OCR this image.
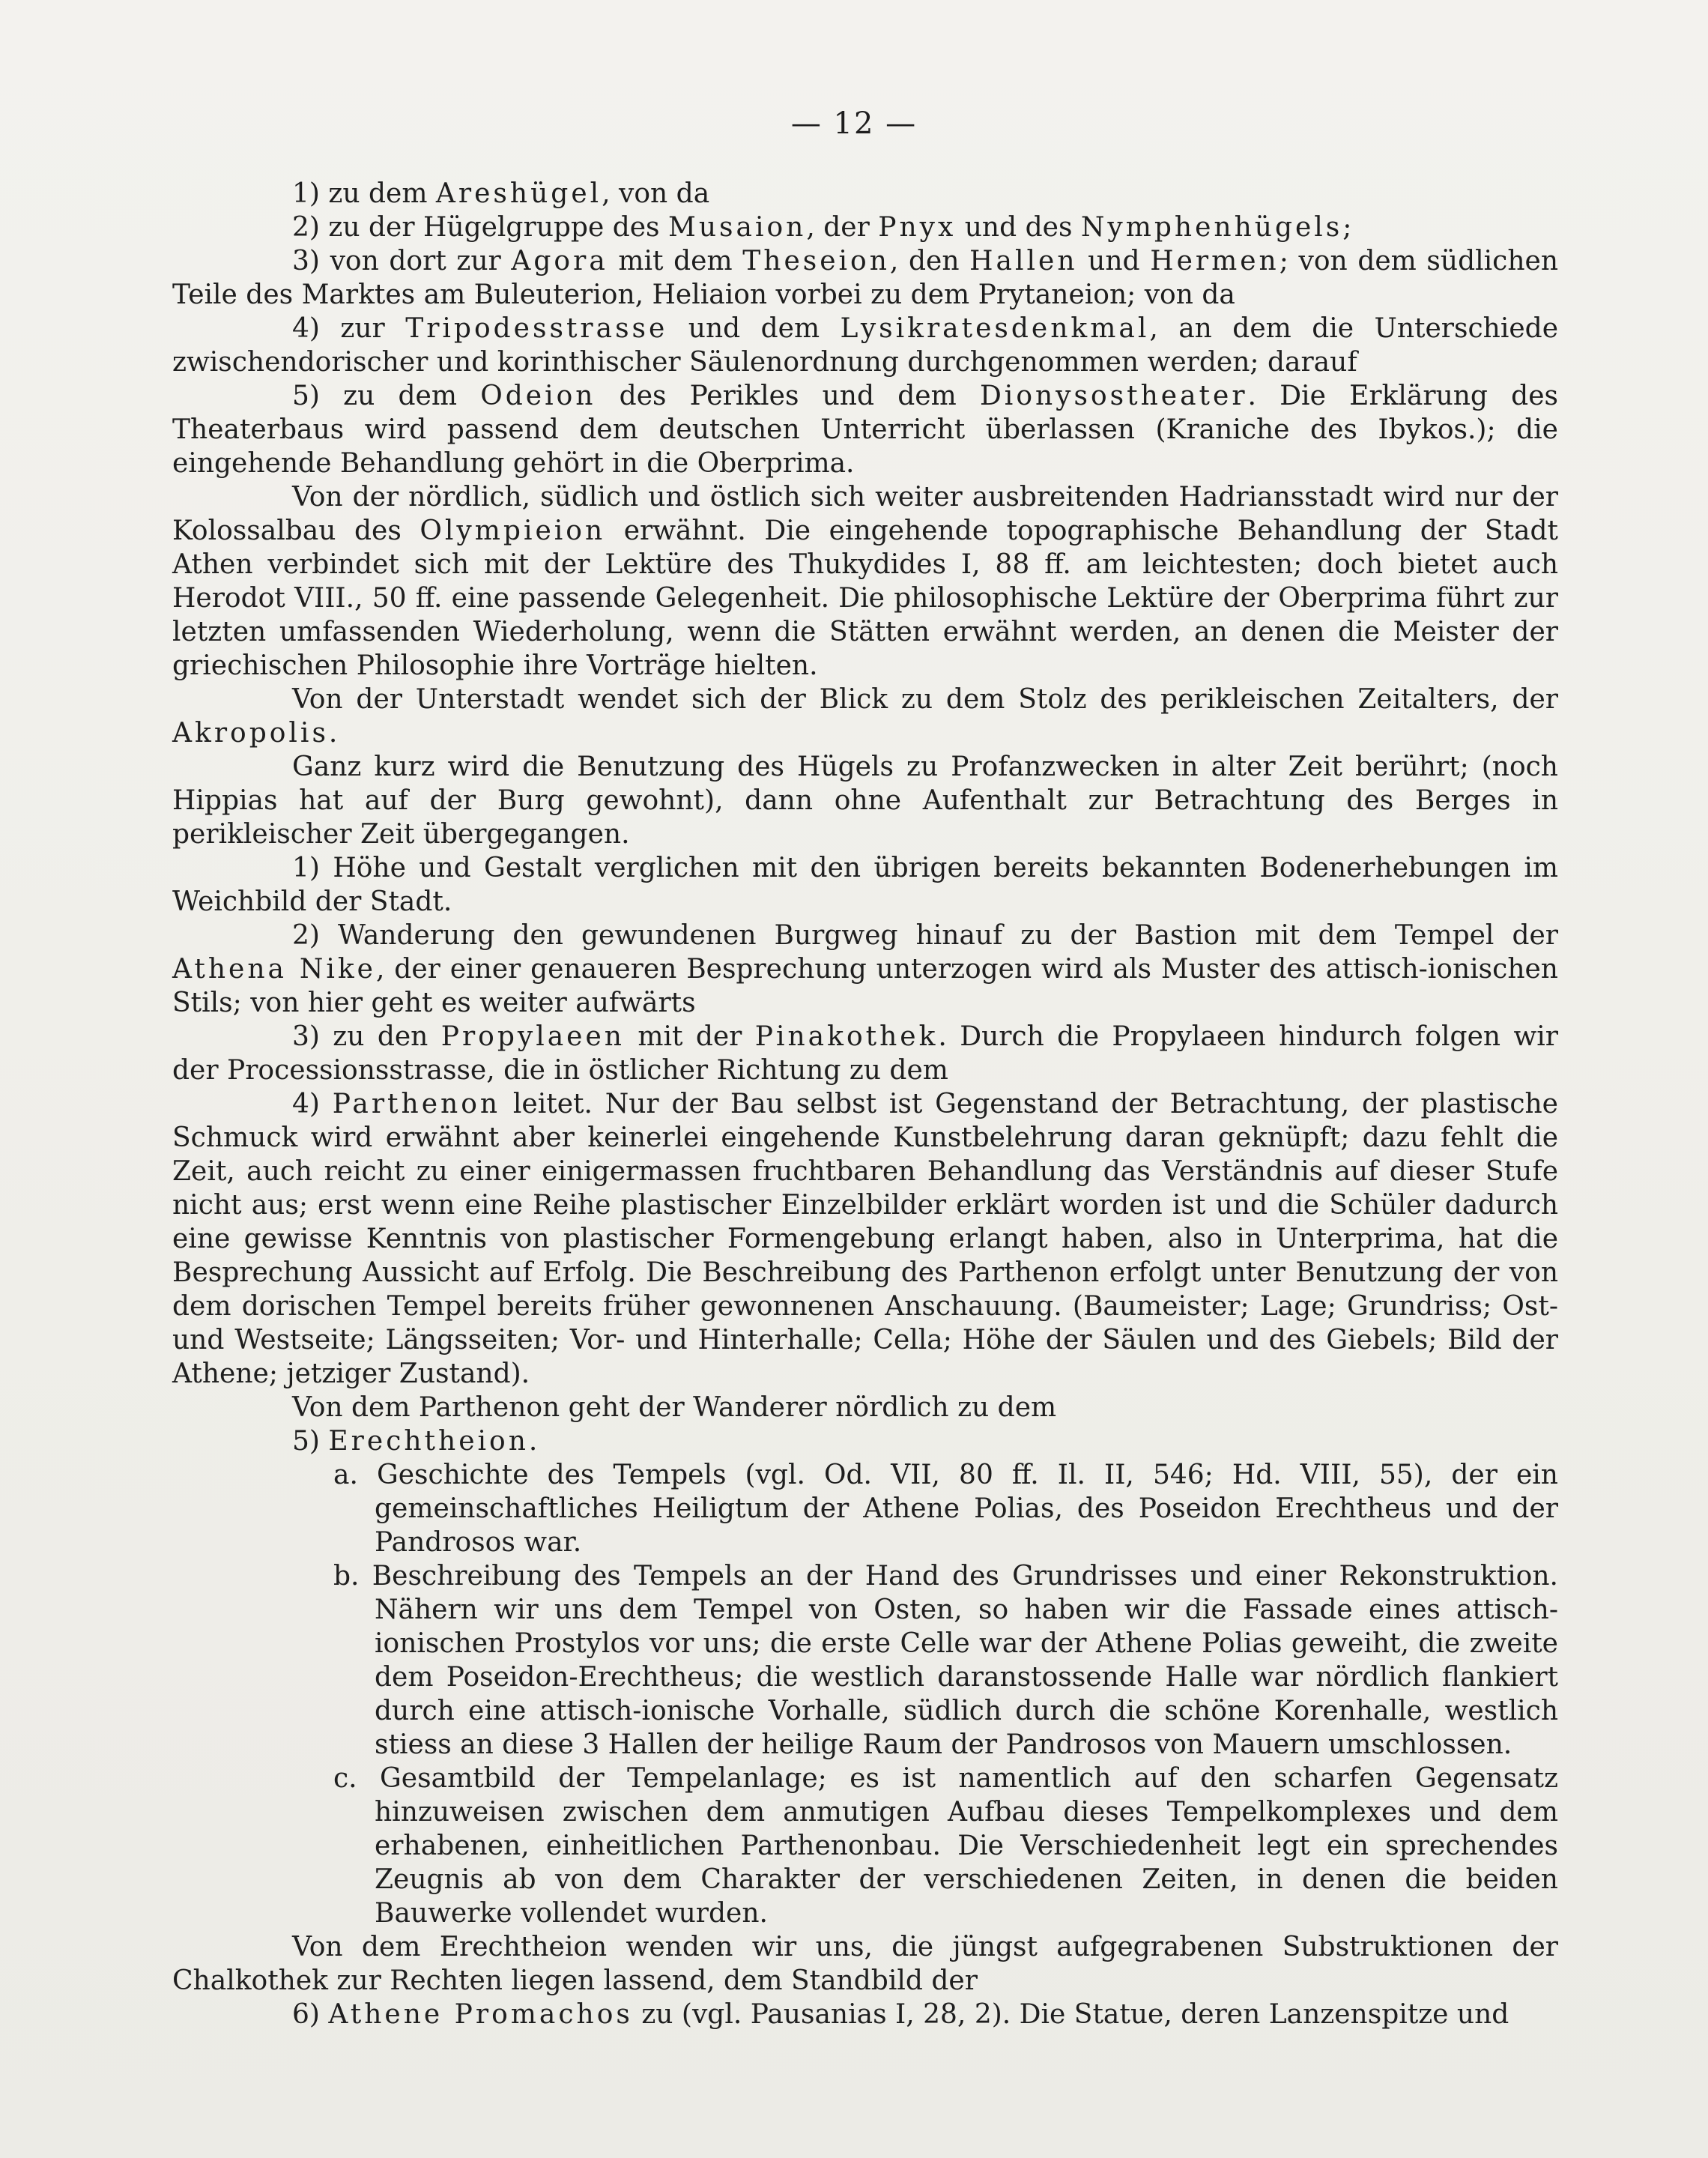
— 12 —

1) zu dem Areshügel, von da

2) zu der Hügelgruppe des Musaion, der Pnyx und des Nymphenhügels;

3) von dort zur Agora mit dem Theseion, den Hallen und Hermen; von dem südlichen Teile des Marktes am Buleuterion, Heliaion vorbei zu dem Prytaneion; von da

4) zur Tripodesstrasse und dem Lysikratesdenkmal, an dem die Unterschiede zwischendorischer und korinthischer Säulenordnung durchgenommen werden; darauf

5) zu dem Odeion des Perikles und dem Dionysostheater. Die Erklärung des Theaterbaus wird passend dem deutschen Unterricht überlassen (Kraniche des Ibykos.); die eingehende Behandlung gehört in die Oberprima.

Von der nördlich, südlich und östlich sich weiter ausbreitenden Hadriansstadt wird nur der Kolossalbau des Olympieion erwähnt. Die eingehende topographische Behandlung der Stadt Athen verbindet sich mit der Lektüre des Thukydides I, 88 ff. am leichtesten; doch bietet auch Herodot VIII., 50 ff. eine passende Gelegenheit. Die philosophische Lektüre der Oberprima führt zur letzten umfassenden Wiederholung, wenn die Stätten erwähnt werden, an denen die Meister der griechischen Philosophie ihre Vorträge hielten.

Von der Unterstadt wendet sich der Blick zu dem Stolz des perikleischen Zeitalters, der Akropolis.

Ganz kurz wird die Benutzung des Hügels zu Profanzwecken in alter Zeit berührt; (noch Hippias hat auf der Burg gewohnt), dann ohne Aufenthalt zur Betrachtung des Berges in perikleischer Zeit übergegangen.

1) Höhe und Gestalt verglichen mit den übrigen bereits bekannten Bodenerhebungen im Weichbild der Stadt.

2) Wanderung den gewundenen Burgweg hinauf zu der Bastion mit dem Tempel der Athena Nike, der einer genaueren Besprechung unterzogen wird als Muster des attisch-ionischen Stils; von hier geht es weiter aufwärts

3) zu den Propylaeen mit der Pinakothek. Durch die Propylaeen hindurch folgen wir der Processionsstrasse, die in östlicher Richtung zu dem

4) Parthenon leitet. Nur der Bau selbst ist Gegenstand der Betrachtung, der plastische Schmuck wird erwähnt aber keinerlei eingehende Kunstbelehrung daran geknüpft; dazu fehlt die Zeit, auch reicht zu einer einigermassen fruchtbaren Behandlung das Verständnis auf dieser Stufe nicht aus; erst wenn eine Reihe plastischer Einzelbilder erklärt worden ist und die Schüler dadurch eine gewisse Kenntnis von plastischer Formengebung erlangt haben, also in Unterprima, hat die Besprechung Aussicht auf Erfolg. Die Beschreibung des Parthenon erfolgt unter Benutzung der von dem dorischen Tempel bereits früher gewonnenen Anschauung. (Baumeister; Lage; Grundriss; Ost- und Westseite; Längsseiten; Vor- und Hinterhalle; Cella; Höhe der Säulen und des Giebels; Bild der Athene; jetziger Zustand).

Von dem Parthenon geht der Wanderer nördlich zu dem

5) Erechtheion.

a. Geschichte des Tempels (vgl. Od. VII, 80 ff. Il. II, 546; Hd. VIII, 55), der ein gemeinschaftliches Heiligtum der Athene Polias, des Poseidon Erechtheus und der Pandrosos war.

b. Beschreibung des Tempels an der Hand des Grundrisses und einer Rekonstruktion. Nähern wir uns dem Tempel von Osten, so haben wir die Fassade eines attisch-ionischen Prostylos vor uns; die erste Celle war der Athene Polias geweiht, die zweite dem Poseidon-Erechtheus; die westlich daranstossende Halle war nördlich flankiert durch eine attisch-ionische Vorhalle, südlich durch die schöne Korenhalle, westlich stiess an diese 3 Hallen der heilige Raum der Pandrosos von Mauern umschlossen.

c. Gesamtbild der Tempelanlage; es ist namentlich auf den scharfen Gegensatz hinzuweisen zwischen dem anmutigen Aufbau dieses Tempelkomplexes und dem erhabenen, einheitlichen Parthenonbau. Die Verschiedenheit legt ein sprechendes Zeugnis ab von dem Charakter der verschiedenen Zeiten, in denen die beiden Bauwerke vollendet wurden.

Von dem Erechtheion wenden wir uns, die jüngst aufgegrabenen Substruktionen der Chalkothek zur Rechten liegen lassend, dem Standbild der

6) Athene Promachos zu (vgl. Pausanias I, 28, 2). Die Statue, deren Lanzenspitze und
